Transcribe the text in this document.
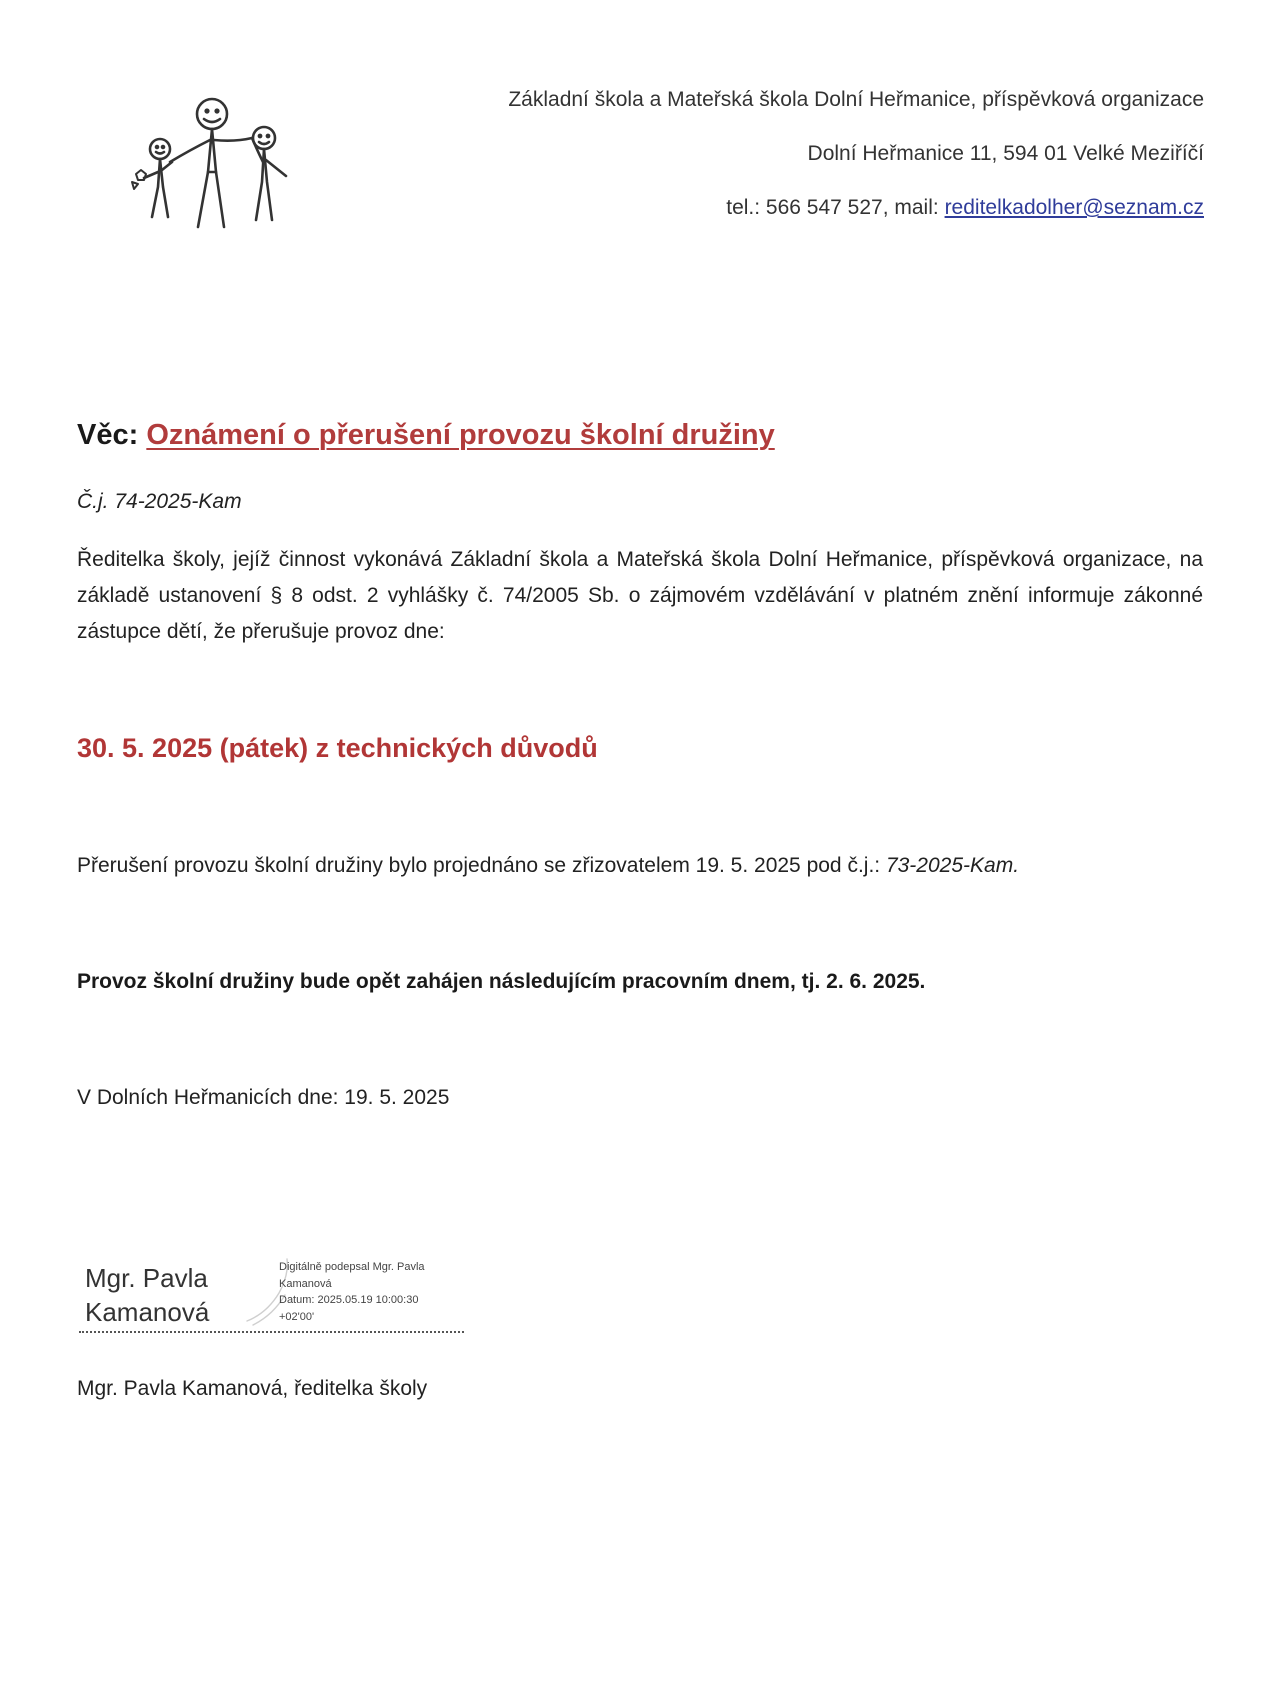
Základní škola a Mateřská škola Dolní Heřmanice, příspěvková organizace
Dolní Heřmanice 11, 594 01 Velké Meziříčí
tel.: 566 547 527, mail: reditelkadolher@seznam.cz
Věc: Oznámení o přerušení provozu školní družiny
Č.j. 74-2025-Kam
Ředitelka školy, jejíž činnost vykonává Základní škola a Mateřská škola Dolní Heřmanice, příspěvková organizace, na základě ustanovení § 8 odst. 2 vyhlášky č. 74/2005 Sb. o zájmovém vzdělávání v platném znění informuje zákonné zástupce dětí, že přerušuje provoz dne:
30. 5. 2025 (pátek) z technických důvodů
Přerušení provozu školní družiny bylo projednáno se zřizovatelem 19. 5. 2025 pod č.j.: 73-2025-Kam.
Provoz školní družiny bude opět zahájen následujícím pracovním dnem, tj. 2. 6. 2025.
V Dolních Heřmanicích dne: 19. 5. 2025
Mgr. Pavla
Kamanová
Digitálně podepsal Mgr. Pavla
Kamanová
Datum: 2025.05.19 10:00:30
+02'00'
Mgr. Pavla Kamanová, ředitelka školy
